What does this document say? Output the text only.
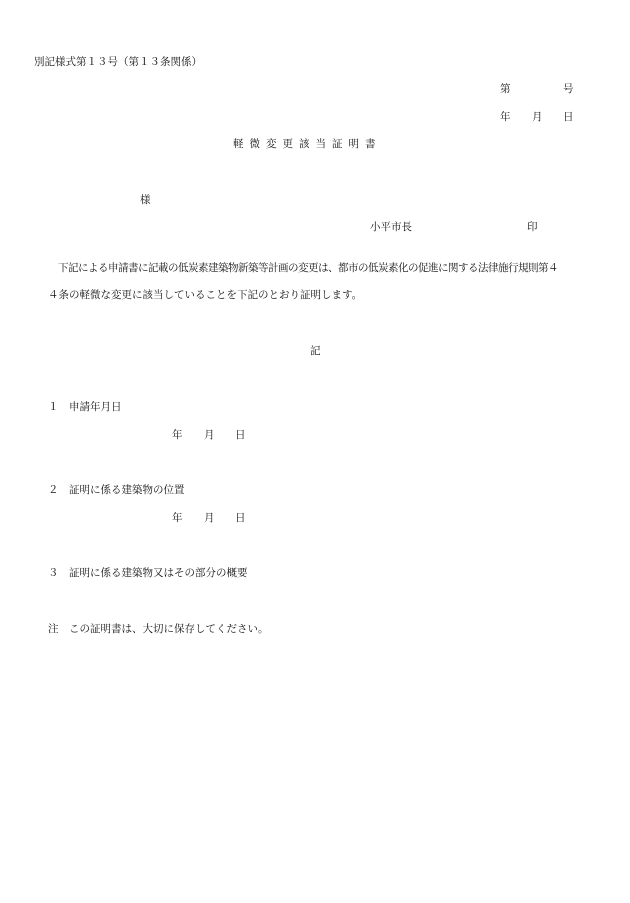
別記様式第１３号（第１３条関係）
第	号
年 月 日
軽微変更該当証明書
様
小平市長	印
下記による申請書に記載の低炭素建築物新築等計画の変更は、都市の低炭素化の促進に関する法律施行規則第４
４条の軽微な変更に該当していることを下記のとおり証明します。
記
１　申請年月日
年 月 日
２　証明に係る建築物の位置
年 月 日
３　証明に係る建築物又はその部分の概要
注　この証明書は、大切に保存してください。
